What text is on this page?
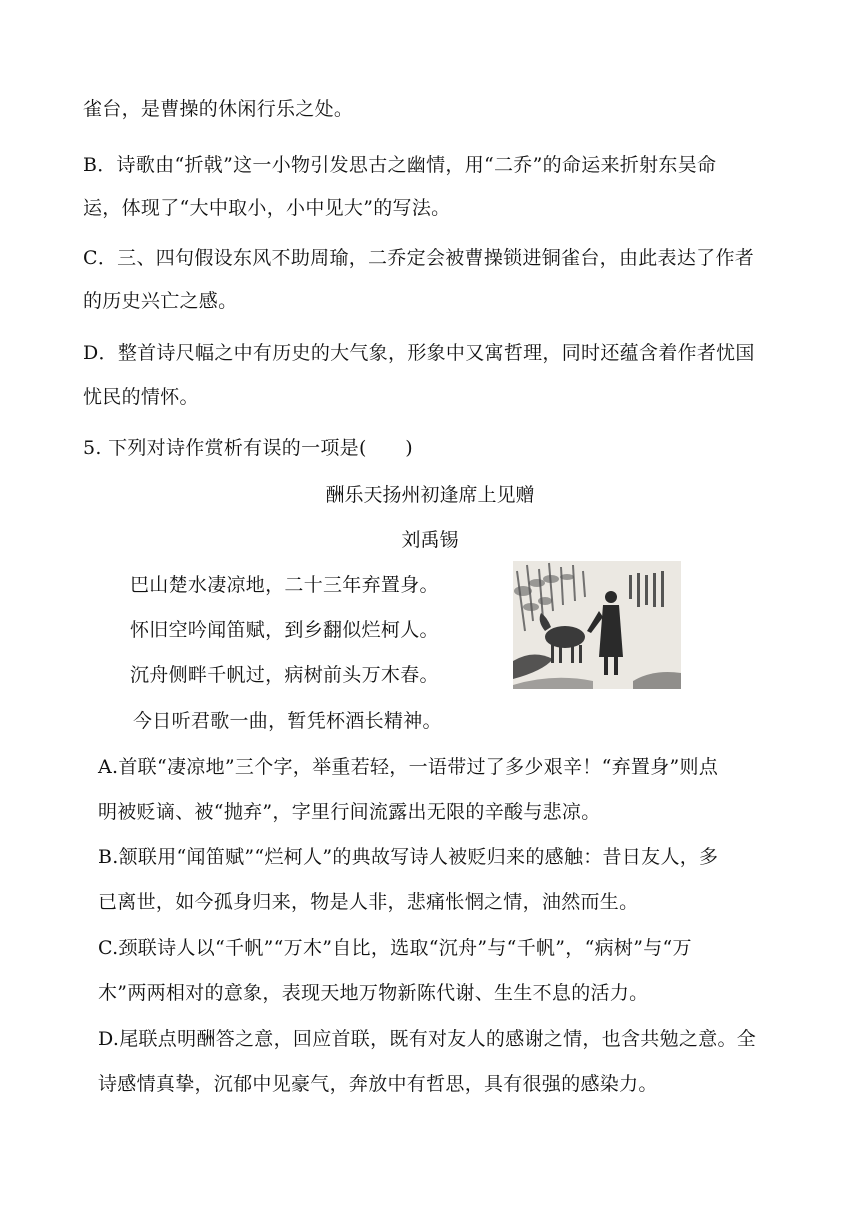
雀台，是曹操的休闲行乐之处。
B．诗歌由“折戟”这一小物引发思古之幽情，用“二乔”的命运来折射东吴命
运，体现了“大中取小，小中见大”的写法。
C．三、四句假设东风不助周瑜，二乔定会被曹操锁进铜雀台，由此表达了作者
的历史兴亡之感。
D．整首诗尺幅之中有历史的大气象，形象中又寓哲理，同时还蕴含着作者忧国
忧民的情怀。
5. 下列对诗作赏析有误的一项是(　　)
酬乐天扬州初逢席上见赠
刘禹锡
巴山楚水凄凉地，二十三年弃置身。
怀旧空吟闻笛赋，到乡翻似烂柯人。
沉舟侧畔千帆过，病树前头万木春。
今日听君歌一曲，暂凭杯酒长精神。
A.首联“凄凉地”三个字，举重若轻，一语带过了多少艰辛！“弃置身”则点
明被贬谪、被“抛弃”，字里行间流露出无限的辛酸与悲凉。
B.颔联用“闻笛赋”“烂柯人”的典故写诗人被贬归来的感触：昔日友人，多
已离世，如今孤身归来，物是人非，悲痛怅惘之情，油然而生。
C.颈联诗人以“千帆”“万木”自比，选取“沉舟”与“千帆”，“病树”与“万
木”两两相对的意象，表现天地万物新陈代谢、生生不息的活力。
D.尾联点明酬答之意，回应首联，既有对友人的感谢之情，也含共勉之意。全
诗感情真挚，沉郁中见豪气，奔放中有哲思，具有很强的感染力。
